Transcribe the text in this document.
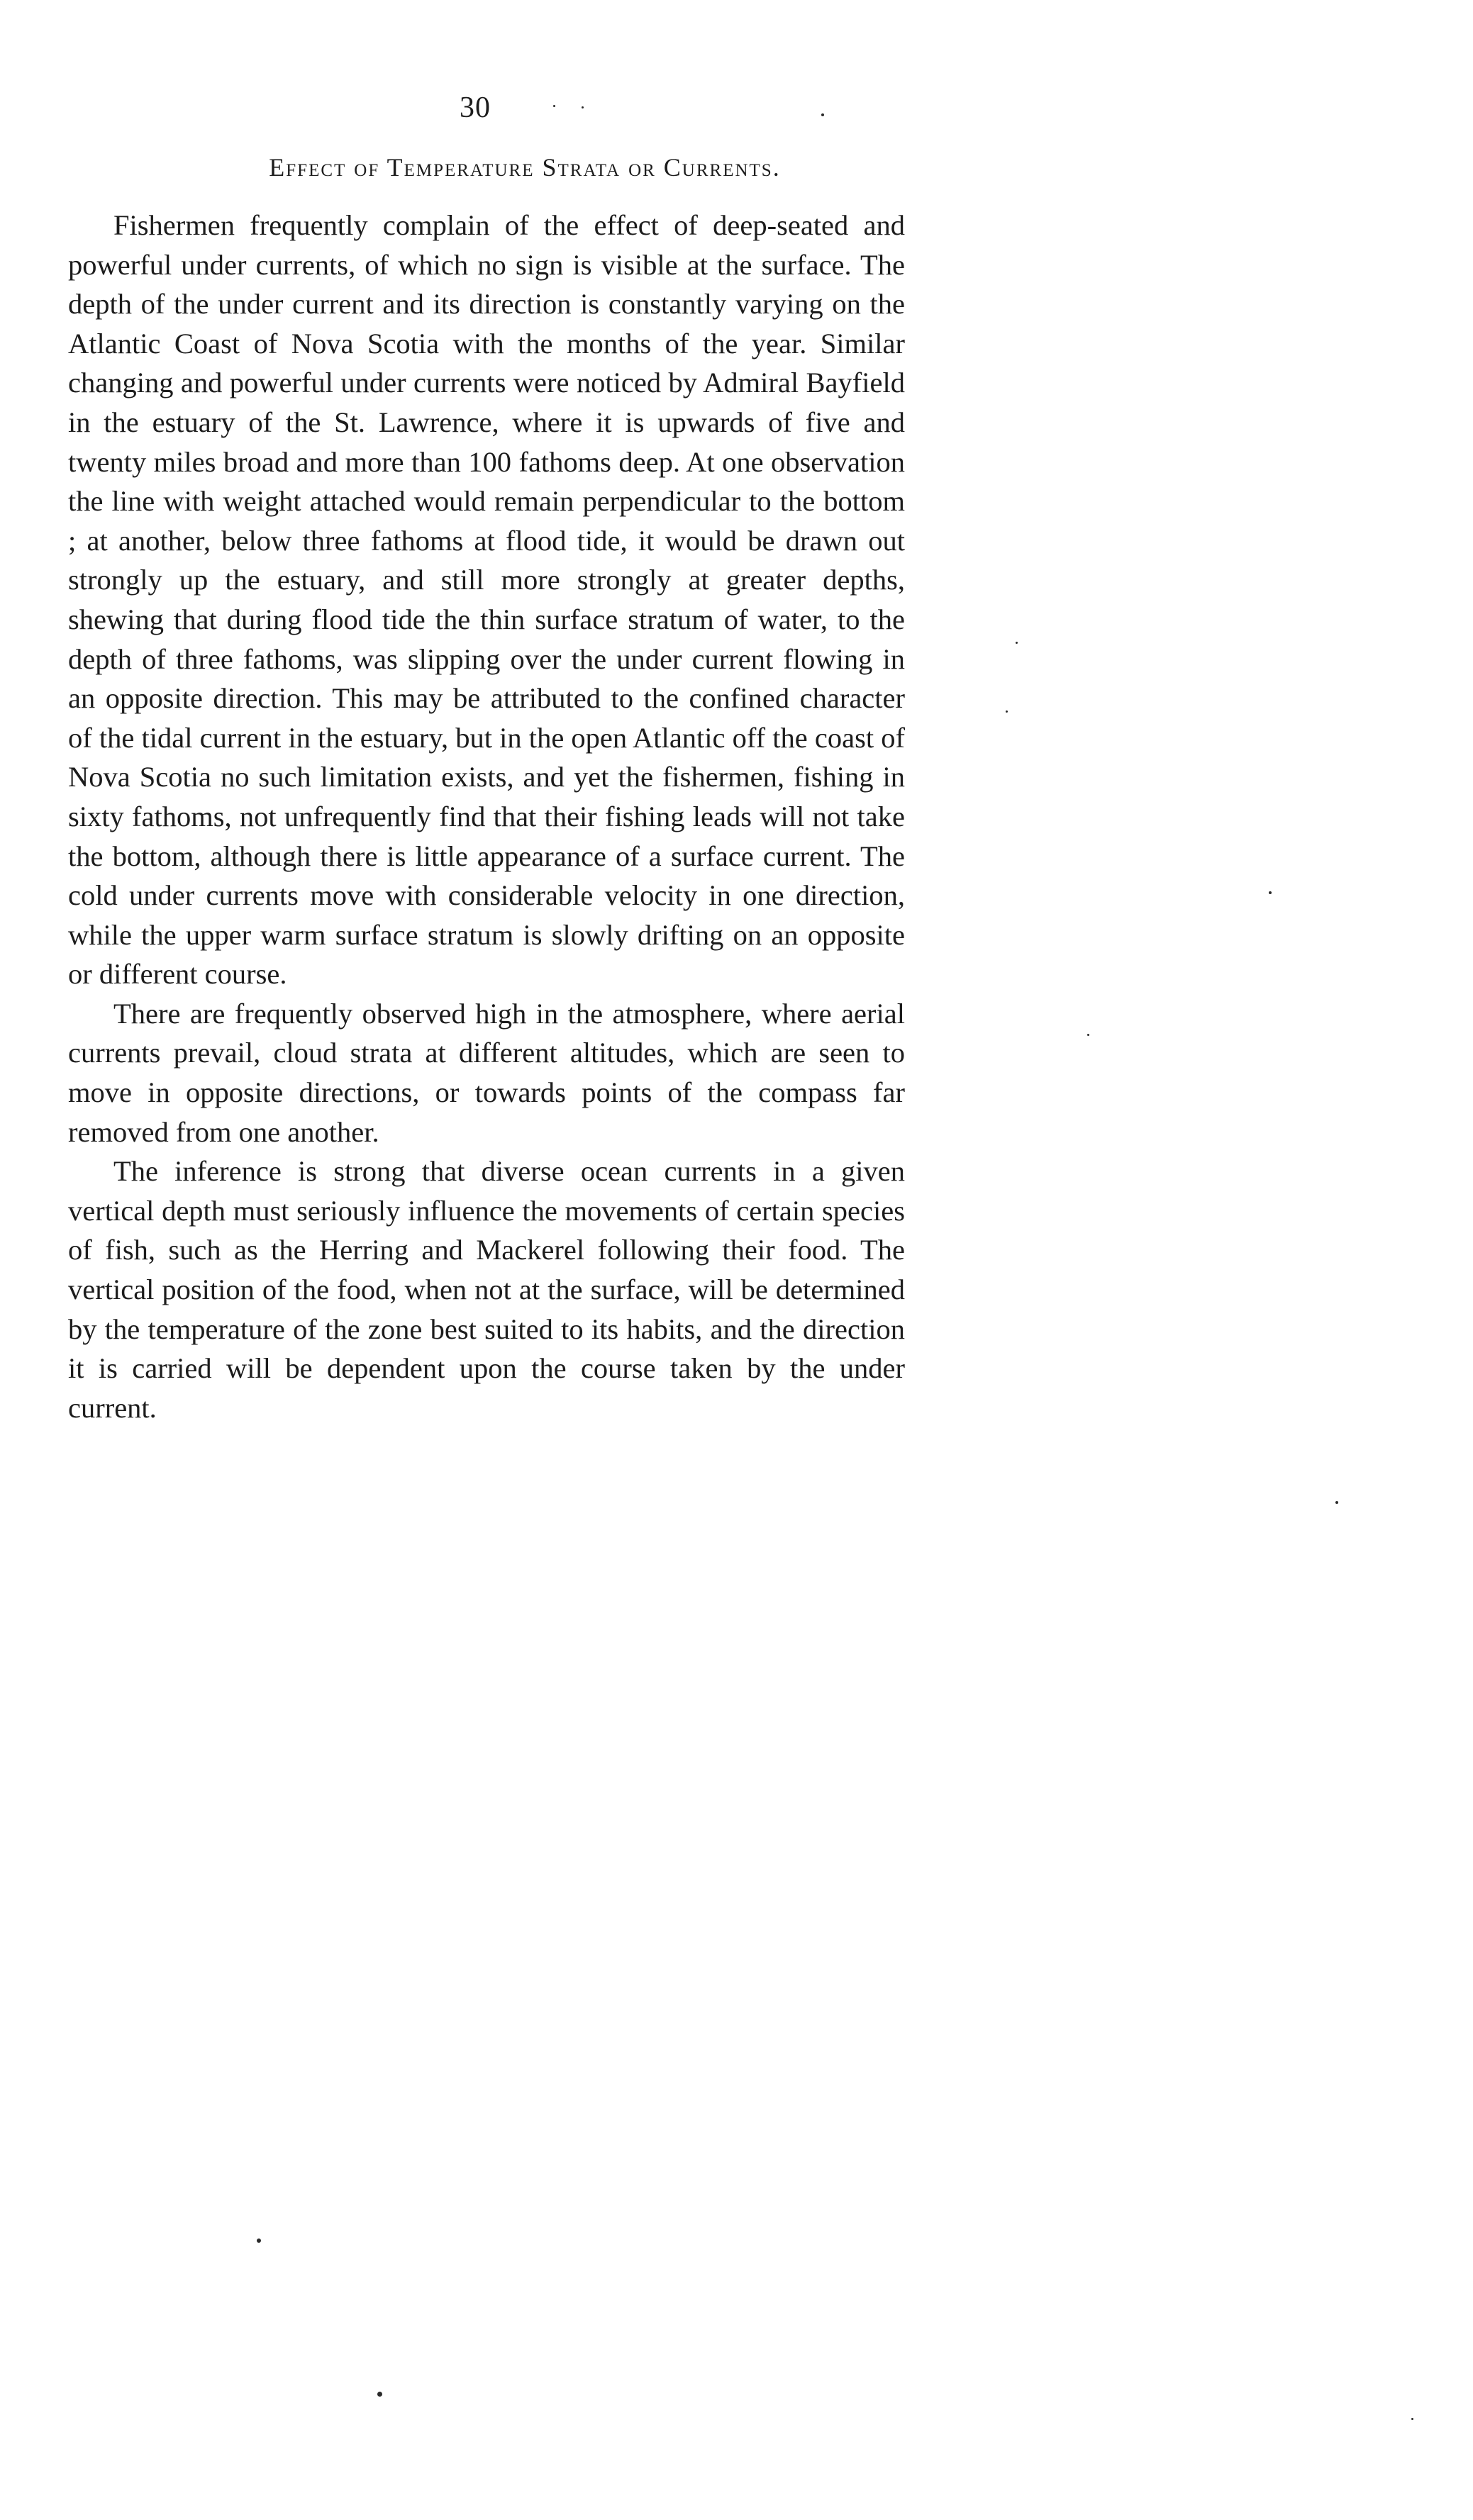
30
Effect of Temperature Strata or Currents.

Fishermen frequently complain of the effect of deep-seated and powerful under currents, of which no sign is visible at the surface. The depth of the under current and its direction is constantly varying on the Atlantic Coast of Nova Scotia with the months of the year. Similar changing and powerful under currents were noticed by Admiral Bayfield in the estuary of the St. Lawrence, where it is upwards of five and twenty miles broad and more than 100 fathoms deep. At one observation the line with weight attached would remain perpendicular to the bottom ; at another, below three fathoms at flood tide, it would be drawn out strongly up the estuary, and still more strongly at greater depths, shewing that during flood tide the thin surface stratum of water, to the depth of three fathoms, was slipping over the under current flowing in an opposite direction. This may be attributed to the confined character of the tidal current in the estuary, but in the open Atlantic off the coast of Nova Scotia no such limitation exists, and yet the fishermen, fishing in sixty fathoms, not unfrequently find that their fishing leads will not take the bottom, although there is little appearance of a surface current. The cold under currents move with considerable velocity in one direction, while the upper warm surface stratum is slowly drifting on an opposite or different course.

There are frequently observed high in the atmosphere, where aerial currents prevail, cloud strata at different altitudes, which are seen to move in opposite directions, or towards points of the compass far removed from one another.

The inference is strong that diverse ocean currents in a given vertical depth must seriously influence the movements of certain species of fish, such as the Herring and Mackerel following their food. The vertical position of the food, when not at the surface, will be determined by the temperature of the zone best suited to its habits, and the direction it is carried will be dependent upon the course taken by the under current.
